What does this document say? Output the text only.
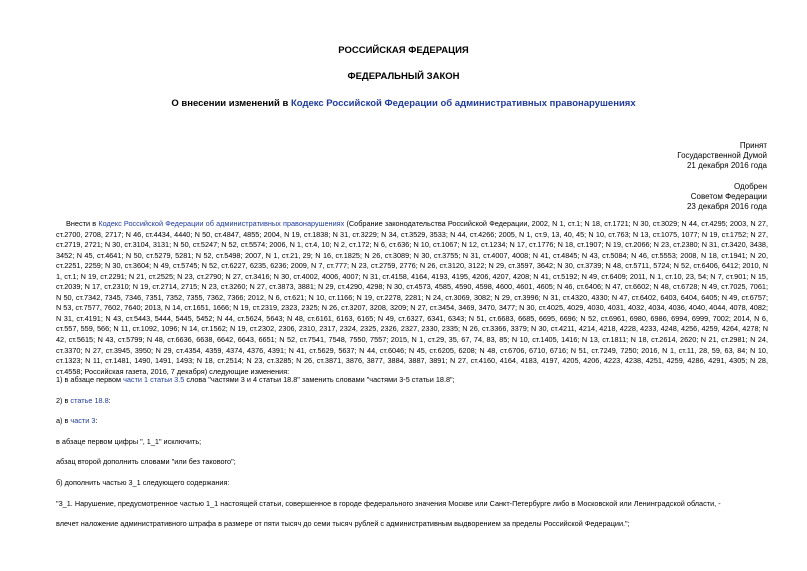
РОССИЙСКАЯ ФЕДЕРАЦИЯ
ФЕДЕРАЛЬНЫЙ ЗАКОН
О внесении изменений в Кодекс Российской Федерации об административных правонарушениях
Принят
Государственной Думой
21 декабря 2016 года
Одобрен
Советом Федерации
23 декабря 2016 года

Внести в Кодекс Российской Федерации об административных правонарушениях (Собрание законодательства Российской Федерации, 2002, N 1, ст.1; N 18, ст.1721; N 30, ст.3029; N 44, ст.4295; 2003, N 27, ст.2700, 2708, 2717; N 46, ст.4434, 4440; N 50, ст.4847, 4855; 2004, N 19, ст.1838; N 31, ст.3229; N 34, ст.3529, 3533; N 44, ст.4266; 2005, N 1, ст.9, 13, 40, 45; N 10, ст.763; N 13, ст.1075, 1077; N 19, ст.1752; N 27, ст.2719, 2721; N 30, ст.3104, 3131; N 50, ст.5247; N 52, ст.5574; 2006, N 1, ст.4, 10; N 2, ст.172; N 6, ст.636; N 10, ст.1067; N 12, ст.1234; N 17, ст.1776; N 18, ст.1907; N 19, ст.2066; N 23, ст.2380; N 31, ст.3420, 3438, 3452; N 45, ст.4641; N 50, ст.5279, 5281; N 52, ст.5498; 2007, N 1, ст.21, 29; N 16, ст.1825; N 26, ст.3089; N 30, ст.3755; N 31, ст.4007, 4008; N 41, ст.4845; N 43, ст.5084; N 46, ст.5553; 2008, N 18, ст.1941; N 20, ст.2251, 2259; N 30, ст.3604; N 49, ст.5745; N 52, ст.6227, 6235, 6236; 2009, N 7, ст.777; N 23, ст.2759, 2776; N 26, ст.3120, 3122; N 29, ст.3597, 3642; N 30, ст.3739; N 48, ст.5711, 5724; N 52, ст.6406, 6412; 2010, N 1, ст.1; N 19, ст.2291; N 21, ст.2525; N 23, ст.2790; N 27, ст.3416; N 30, ст.4002, 4006, 4007; N 31, ст.4158, 4164, 4193, 4195, 4206, 4207, 4208; N 41, ст.5192; N 49, ст.6409; 2011, N 1, ст.10, 23, 54; N 7, ст.901; N 15, ст.2039; N 17, ст.2310; N 19, ст.2714, 2715; N 23, ст.3260; N 27, ст.3873, 3881; N 29, ст.4290, 4298; N 30, ст.4573, 4585, 4590, 4598, 4600, 4601, 4605; N 46, ст.6406; N 47, ст.6602; N 48, ст.6728; N 49, ст.7025, 7061; N 50, ст.7342, 7345, 7346, 7351, 7352, 7355, 7362, 7366; 2012, N 6, ст.621; N 10, ст.1166; N 19, ст.2278, 2281; N 24, ст.3069, 3082; N 29, ст.3996; N 31, ст.4320, 4330; N 47, ст.6402, 6403, 6404, 6405; N 49, ст.6757; N 53, ст.7577, 7602, 7640; 2013, N 14, ст.1651, 1666; N 19, ст.2319, 2323, 2325; N 26, ст.3207, 3208, 3209; N 27, ст.3454, 3469, 3470, 3477; N 30, ст.4025, 4029, 4030, 4031, 4032, 4034, 4036, 4040, 4044, 4078, 4082; N 31, ст.4191; N 43, ст.5443, 5444, 5445, 5452; N 44, ст.5624, 5643; N 48, ст.6161, 6163, 6165; N 49, ст.6327, 6341, 6343; N 51, ст.6683, 6685, 6695, 6696; N 52, ст.6961, 6980, 6986, 6994, 6999, 7002; 2014, N 6, ст.557, 559, 566; N 11, ст.1092, 1096; N 14, ст.1562; N 19, ст.2302, 2306, 2310, 2317, 2324, 2325, 2326, 2327, 2330, 2335; N 26, ст.3366, 3379; N 30, ст.4211, 4214, 4218, 4228, 4233, 4248, 4256, 4259, 4264, 4278; N 42, ст.5615; N 43, ст.5799; N 48, ст.6636, 6638, 6642, 6643, 6651; N 52, ст.7541, 7548, 7550, 7557; 2015, N 1, ст.29, 35, 67, 74, 83, 85; N 10, ст.1405, 1416; N 13, ст.1811; N 18, ст.2614, 2620; N 21, ст.2981; N 24, ст.3370; N 27, ст.3945, 3950; N 29, ст.4354, 4359, 4374, 4376, 4391; N 41, ст.5629, 5637; N 44, ст.6046; N 45, ст.6205, 6208; N 48, ст.6706, 6710, 6716; N 51, ст.7249, 7250; 2016, N 1, ст.11, 28, 59, 63, 84; N 10, ст.1323; N 11, ст.1481, 1490, 1491, 1493; N 18, ст.2514; N 23, ст.3285; N 26, ст.3871, 3876, 3877, 3884, 3887, 3891; N 27, ст.4160, 4164, 4183, 4197, 4205, 4206, 4223, 4238, 4251, 4259, 4286, 4291, 4305; N 28, ст.4558; Российская газета, 2016, 7 декабря) следующие изменения:

1) в абзаце первом части 1 статьи 3.5 слова "частями 3 и 4 статьи 18.8" заменить словами "частями 3-5 статьи 18.8";
2) в статье 18.8:
а) в части 3:
в абзаце первом цифры ", 1_1" исключить;
абзац второй дополнить словами "или без такового";
б) дополнить частью 3_1 следующего содержания:
"3_1. Нарушение, предусмотренное частью 1_1 настоящей статьи, совершенное в городе федерального значения Москве или Санкт-Петербурге либо в Московской или Ленинградской области, -
влечет наложение административного штрафа в размере от пяти тысяч до семи тысяч рублей с административным выдворением за пределы Российской Федерации.";
